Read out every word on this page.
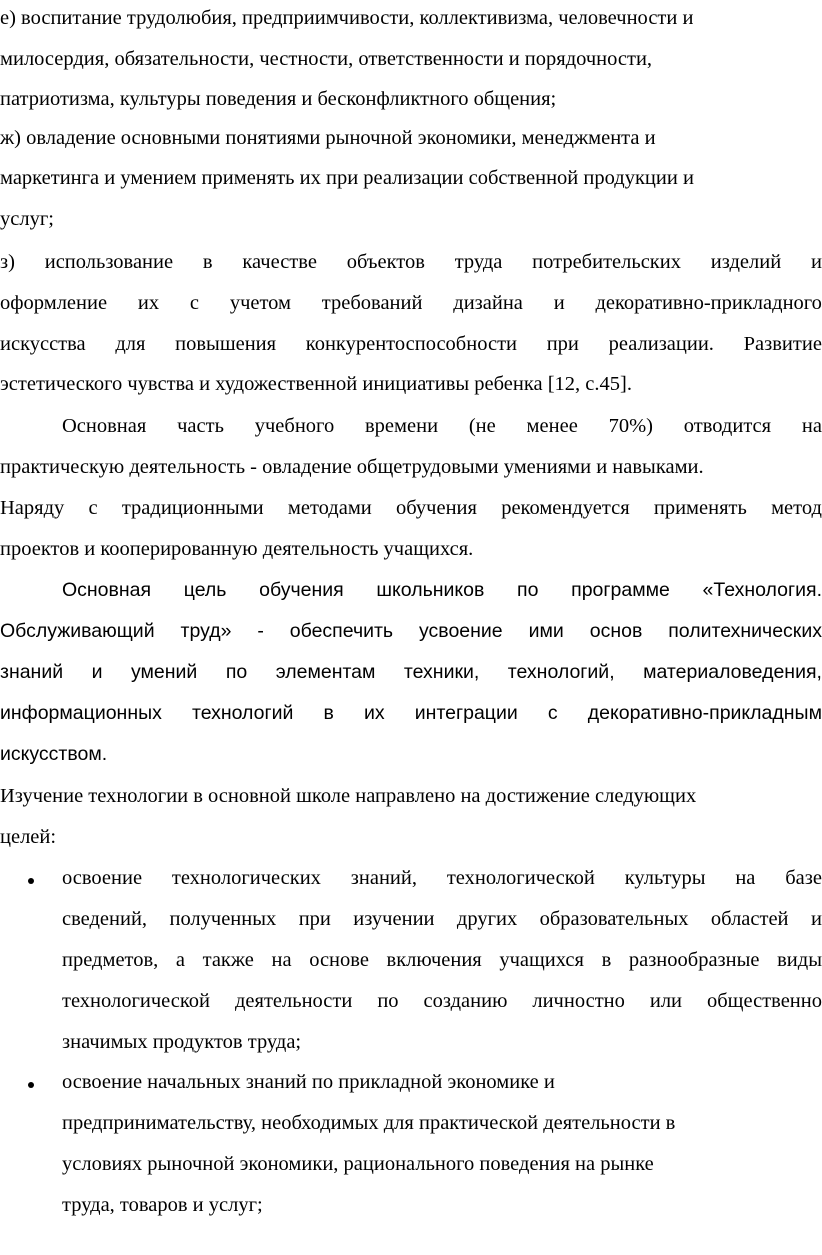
е) воспитание трудолюбия, предприимчивости, коллективизма, человечности и
милосердия, обязательности, честности, ответственности и порядочности,
патриотизма, культуры поведения и бесконфликтного общения;
ж) овладение основными понятиями рыночной экономики, менеджмента и
маркетинга и умением применять их при реализации собственной продукции и
услуг;
з) использование в качестве объектов труда потребительских изделий и
оформление их с учетом требований дизайна и декоративно-прикладного
искусства для повышения конкурентоспособности при реализации. Развитие
эстетического чувства и художественной инициативы ребенка [12, с.45].
Основная часть учебного времени (не менее 70%) отводится на
практическую деятельность - овладение общетрудовыми умениями и навыками.
Наряду с традиционными методами обучения рекомендуется применять метод
проектов и кооперированную деятельность учащихся.
Основная цель обучения школьников по программе «Технология.
Обслуживающий труд» - обеспечить усвоение ими основ политехнических
знаний и умений по элементам техники, технологий, материаловедения,
информационных технологий в их интеграции с декоративно-прикладным
искусством.
Изучение технологии в основной школе направлено на достижение следующих
целей:
освоение технологических знаний, технологической культуры на базе
сведений, полученных при изучении других образовательных областей и
предметов, а также на основе включения учащихся в разнообразные виды
технологической деятельности по созданию личностно или общественно
значимых продуктов труда;
освоение начальных знаний по прикладной экономике и
предпринимательству, необходимых для практической деятельности в
условиях рыночной экономики, рационального поведения на рынке
труда, товаров и услуг;
